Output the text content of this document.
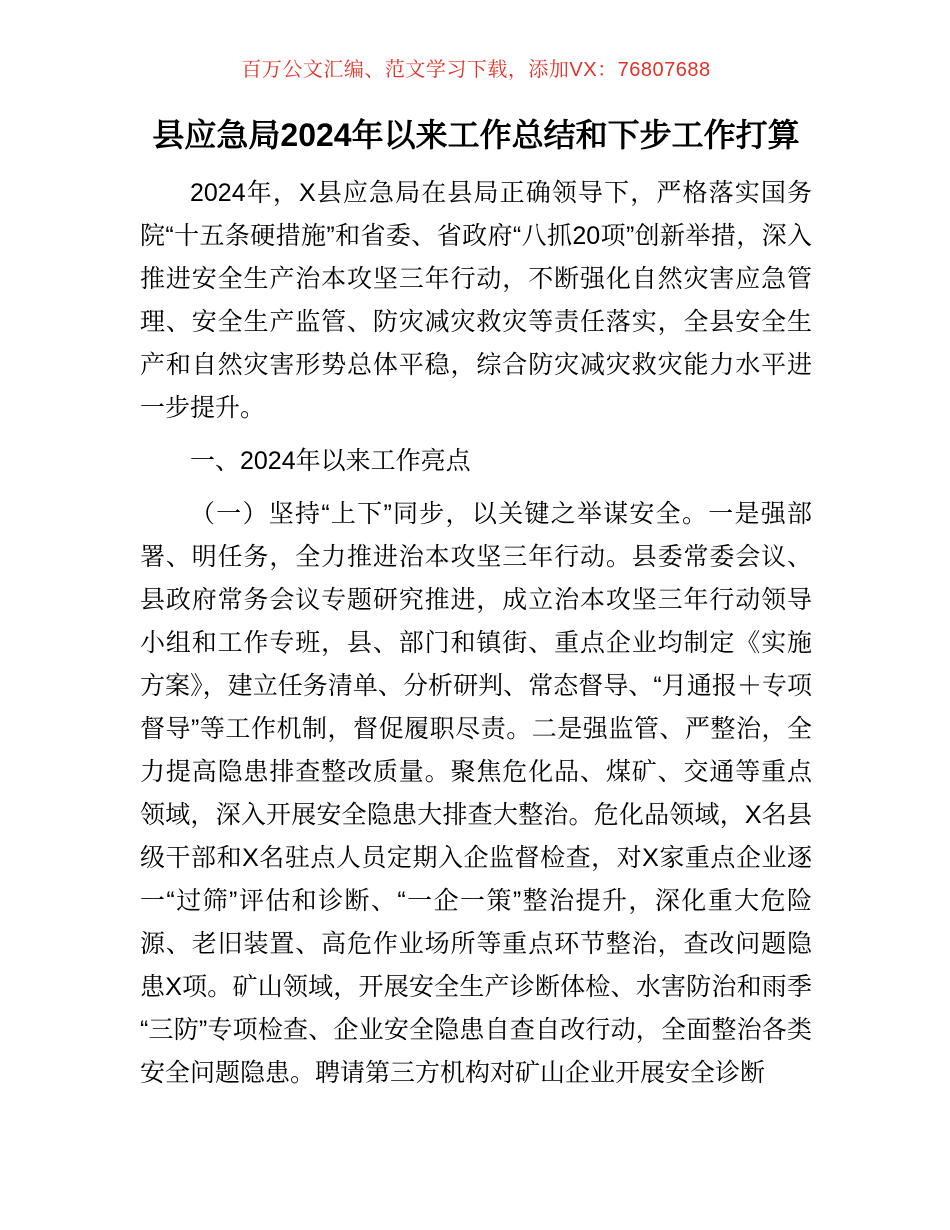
百万公文汇编、范文学习下载，添加VX：76807688
县应急局2024年以来工作总结和下步工作打算

2024年，X县应急局在县局正确领导下，严格落实国务院“十五条硬措施”和省委、省政府“八抓20项”创新举措，深入推进安全生产治本攻坚三年行动，不断强化自然灾害应急管理、安全生产监管、防灾减灾救灾等责任落实，全县安全生产和自然灾害形势总体平稳，综合防灾减灾救灾能力水平进一步提升。

一、2024年以来工作亮点

（一）坚持“上下”同步，以关键之举谋安全。一是强部署、明任务，全力推进治本攻坚三年行动。县委常委会议、县政府常务会议专题研究推进，成立治本攻坚三年行动领导小组和工作专班，县、部门和镇街、重点企业均制定《实施方案》，建立任务清单、分析研判、常态督导、“月通报＋专项督导”等工作机制，督促履职尽责。二是强监管、严整治，全力提高隐患排查整改质量。聚焦危化品、煤矿、交通等重点领域，深入开展安全隐患大排查大整治。危化品领域，X名县级干部和X名驻点人员定期入企监督检查，对X家重点企业逐一“过筛”评估和诊断、“一企一策”整治提升，深化重大危险源、老旧装置、高危作业场所等重点环节整治，查改问题隐患X项。矿山领域，开展安全生产诊断体检、水害防治和雨季“三防”专项检查、企业安全隐患自查自改行动，全面整治各类安全问题隐患。聘请第三方机构对矿山企业开展安全诊断
